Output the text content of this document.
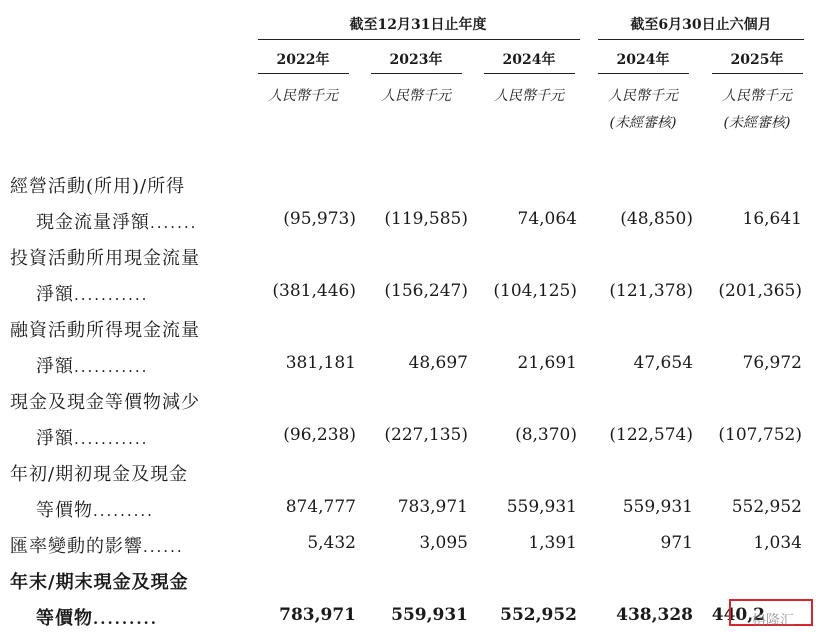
截至12月31日止年度	截至6月30日止六個月
2022年	2023年	2024年	2024年	2025年
人民幣千元	人民幣千元	人民幣千元	人民幣千元	人民幣千元
(未經審核)	(未經審核)
經營活動(所用)/所得
現金流量淨額.......	(95,973)	(119,585)	74,064	(48,850)	16,641
投資活動所用現金流量
淨額...........	(381,446)	(156,247)	(104,125)	(121,378)	(201,365)
融資活動所得現金流量
淨額...........	381,181	48,697	21,691	47,654	76,972
現金及現金等價物減少
淨額...........	(96,238)	(227,135)	(8,370)	(122,574)	(107,752)
年初/期初現金及現金
等價物.........	874,777	783,971	559,931	559,931	552,952
匯率變動的影響......	5,432	3,095	1,391	971	1,034
年末/期末現金及現金
等價物.........	783,971	559,931	552,952	438,328	440,2
格隆汇
